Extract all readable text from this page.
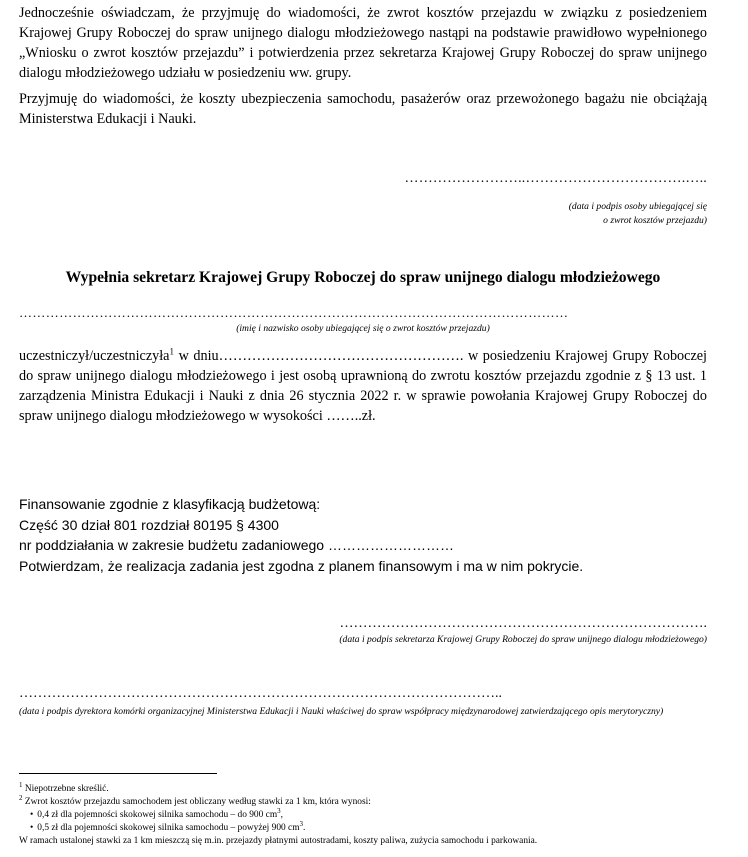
Jednocześnie oświadczam, że przyjmuję do wiadomości, że zwrot kosztów przejazdu w związku z posiedzeniem Krajowej Grupy Roboczej do spraw unijnego dialogu młodzieżowego nastąpi na podstawie prawidłowo wypełnionego „Wniosku o zwrot kosztów przejazdu” i potwierdzenia przez sekretarza Krajowej Grupy Roboczej do spraw unijnego dialogu młodzieżowego udziału w posiedzeniu ww. grupy.

Przyjmuję do wiadomości, że koszty ubezpieczenia samochodu, pasażerów oraz przewożonego bagażu nie obciążają Ministerstwa Edukacji i Nauki.

……………………..…………………………….…..
(data i podpis osoby ubiegającej się
o zwrot kosztów przejazdu)
Wypełnia sekretarz Krajowej Grupy Roboczej do spraw unijnego dialogu młodzieżowego
……………………………………………………………………………………………………………
(imię i nazwisko osoby ubiegającej się o zwrot kosztów przejazdu)

uczestniczył/uczestniczyła$^1$ w dniu……………………………………………. w posiedzeniu Krajowej Grupy Roboczej do spraw unijnego dialogu młodzieżowego i jest osobą uprawnioną do zwrotu kosztów przejazdu zgodnie z § 13 ust. 1 zarządzenia Ministra Edukacji i Nauki z dnia 26 stycznia 2022 r. w sprawie powołania Krajowej Grupy Roboczej do spraw unijnego dialogu młodzieżowego w wysokości ……..zł.

Finansowanie zgodnie z klasyfikacją budżetową:
Część 30 dział 801 rozdział 80195 § 4300
nr poddziałania w zakresie budżetu zadaniowego ………………………
Potwierdzam, że realizacja zadania jest zgodna z planem finansowym i ma w nim pokrycie.
…………………………………………………………………….
(data i podpis sekretarza Krajowej Grupy Roboczej do spraw unijnego dialogu młodzieżowego)
…………………………………………………………………………………………..
(data i podpis dyrektora komórki organizacyjnej Ministerstwa Edukacji i Nauki właściwej do spraw współpracy międzynarodowej zatwierdzającego opis merytoryczny)
$^1$ Niepotrzebne skreślić.
$^2$ Zwrot kosztów przejazdu samochodem jest obliczany według stawki za 1 km, która wynosi:
• 0,4 zł dla pojemności skokowej silnika samochodu – do 900 $cm^3$,
• 0,5 zł dla pojemności skokowej silnika samochodu – powyżej 900 $cm^3$.
W ramach ustalonej stawki za 1 km mieszczą się m.in. przejazdy płatnymi autostradami, koszty paliwa, zużycia samochodu i parkowania.
